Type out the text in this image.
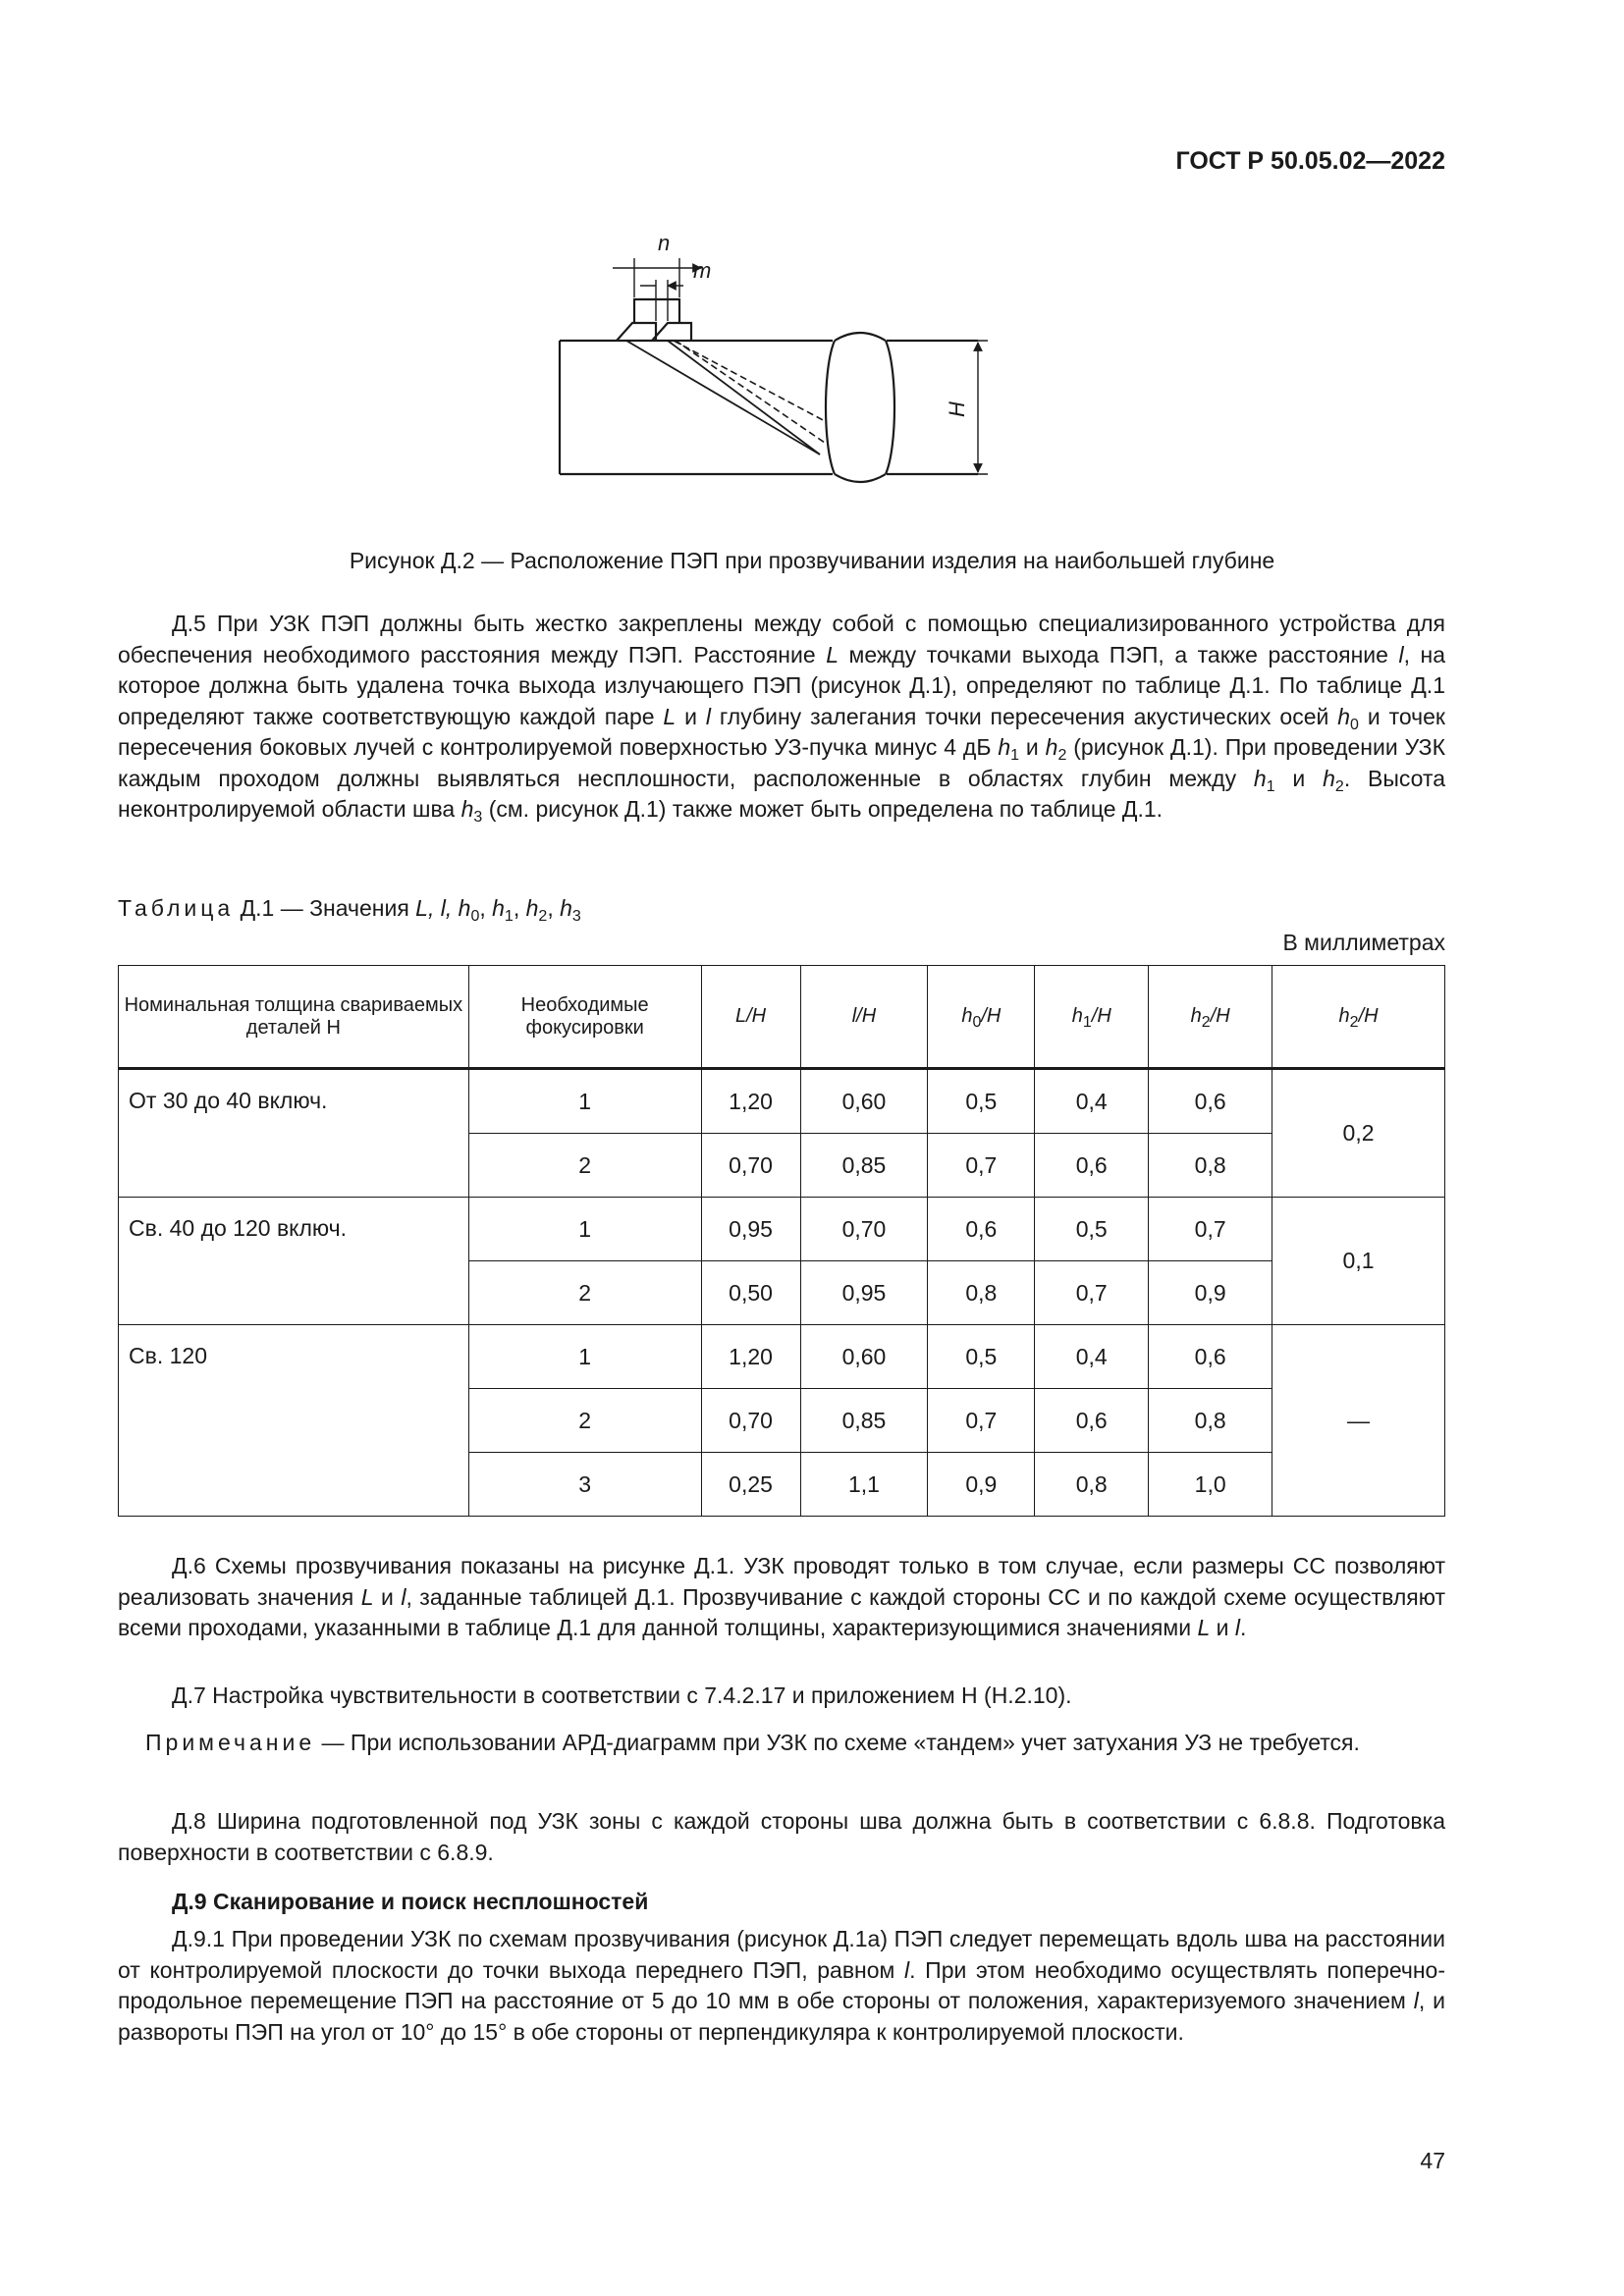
ГОСТ Р 50.05.02—2022
n
m
H
Рисунок Д.2 — Расположение ПЭП при прозвучивании изделия на наибольшей глубине
Д.5 При УЗК ПЭП должны быть жестко закреплены между собой с помощью специализированного устройства для обеспечения необходимого расстояния между ПЭП. Расстояние L между точками выхода ПЭП, а также расстояние l, на которое должна быть удалена точка выхода излучающего ПЭП (рисунок Д.1), определяют по таблице Д.1. По таблице Д.1 определяют также соответствующую каждой паре L и l глубину залегания точки пересечения акустических осей $h_0$ и точек пересечения боковых лучей с контролируемой поверхностью УЗ-пучка минус 4 дБ $h_1$ и $h_2$ (рисунок Д.1). При проведении УЗК каждым проходом должны выявляться несплошности, расположенные в областях глубин между $h_1$ и $h_2$. Высота неконтролируемой области шва $h_3$ (см. рисунок Д.1) также может быть определена по таблице Д.1.
Таблица Д.1 — Значения L, l, $h_0$, $h_1$, $h_2$, $h_3$
В миллиметрах
Номинальная толщина свариваемых деталей H	Необходимые фокусировки	L/H	l/H	$h_0/H$	$h_1/H$	$h_2/H$	$h_2/H$
От 30 до 40 включ.	1	1,20	0,60	0,5	0,4	0,6	0,2
	2	0,70	0,85	0,7	0,6	0,8	
Св. 40 до 120 включ.	1	0,95	0,70	0,6	0,5	0,7	0,1
	2	0,50	0,95	0,8	0,7	0,9	
Св. 120	1	1,20	0,60	0,5	0,4	0,6	—
	2	0,70	0,85	0,7	0,6	0,8	
	3	0,25	1,1	0,9	0,8	1,0	
Д.6 Схемы прозвучивания показаны на рисунке Д.1. УЗК проводят только в том случае, если размеры СС позволяют реализовать значения L и l, заданные таблицей Д.1. Прозвучивание с каждой стороны СС и по каждой схеме осуществляют всеми проходами, указанными в таблице Д.1 для данной толщины, характеризующимися значениями L и l.
Д.7 Настройка чувствительности в соответствии с 7.4.2.17 и приложением Н (Н.2.10).
Примечание — При использовании АРД-диаграмм при УЗК по схеме «тандем» учет затухания УЗ не требуется.
Д.8 Ширина подготовленной под УЗК зоны с каждой стороны шва должна быть в соответствии с 6.8.8. Подготовка поверхности в соответствии с 6.8.9.
Д.9 Сканирование и поиск несплошностей
Д.9.1 При проведении УЗК по схемам прозвучивания (рисунок Д.1а) ПЭП следует перемещать вдоль шва на расстоянии от контролируемой плоскости до точки выхода переднего ПЭП, равном l. При этом необходимо осуществлять поперечно-продольное перемещение ПЭП на расстояние от 5 до 10 мм в обе стороны от положения, характеризуемого значением l, и развороты ПЭП на угол от 10° до 15° в обе стороны от перпендикуляра к контролируемой плоскости.
47
